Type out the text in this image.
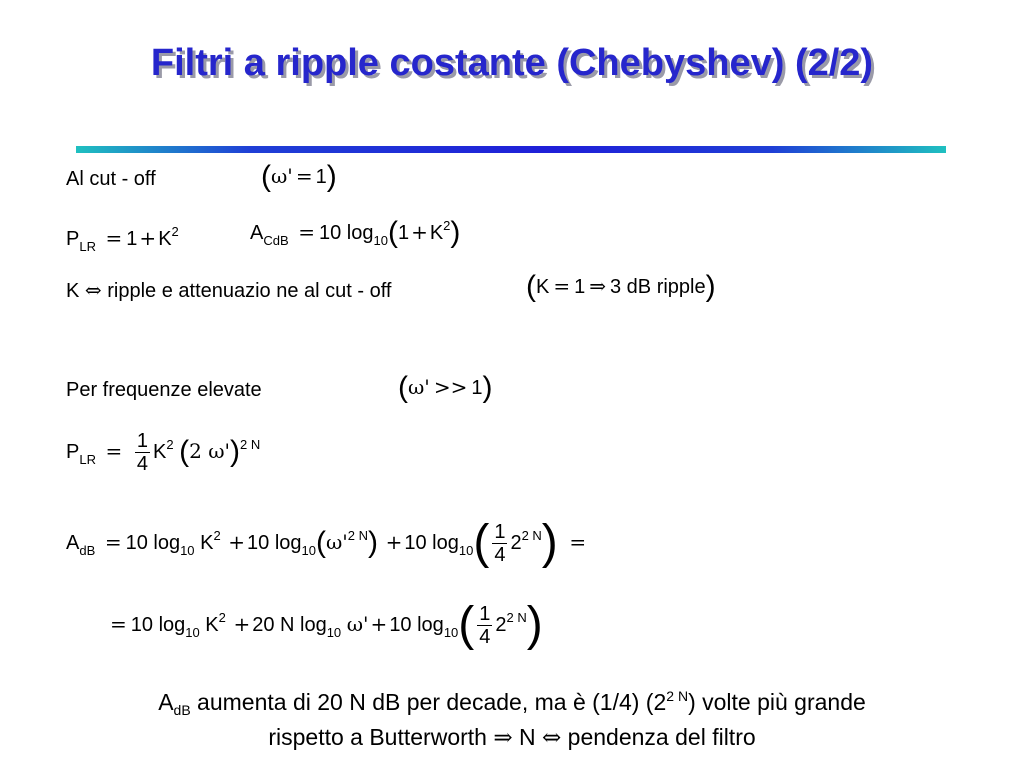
Filtri a ripple costante (Chebyshev) (2/2)
Al cut - off	(ω' = 1)
$P_{LR} = 1 + K^2$	$A_{CdB} = 10$ $\log_{10}(1 + K^2)$
K ⇔ ripple e attenuazio ne al cut - off	(K = 1 ⇒ 3 dB ripple)
Per frequenze elevate	(ω' >> 1)
$P_{LR} = \frac{1}{4} K^2$ (2 ω')$^{2 N}$
$A_{dB} = 10$ $\log_{10} K^2 + 10$ $\log_{10}(\omega'^{2 N}) + 10$ $\log_{10}( \frac{1}{4} 2^{2 N})$ =
= 10 $\log_{10} K^2 + 20$ N $\log_{10} \omega' + 10$ $\log_{10}( \frac{1}{4} 2^{2 N})$
$A_{dB}$ aumenta di 20 N dB per decade, ma è (1/4) $(2^{2 N})$ volte più grande
rispetto a Butterworth ⇒ N ⇔ pendenza del filtro
